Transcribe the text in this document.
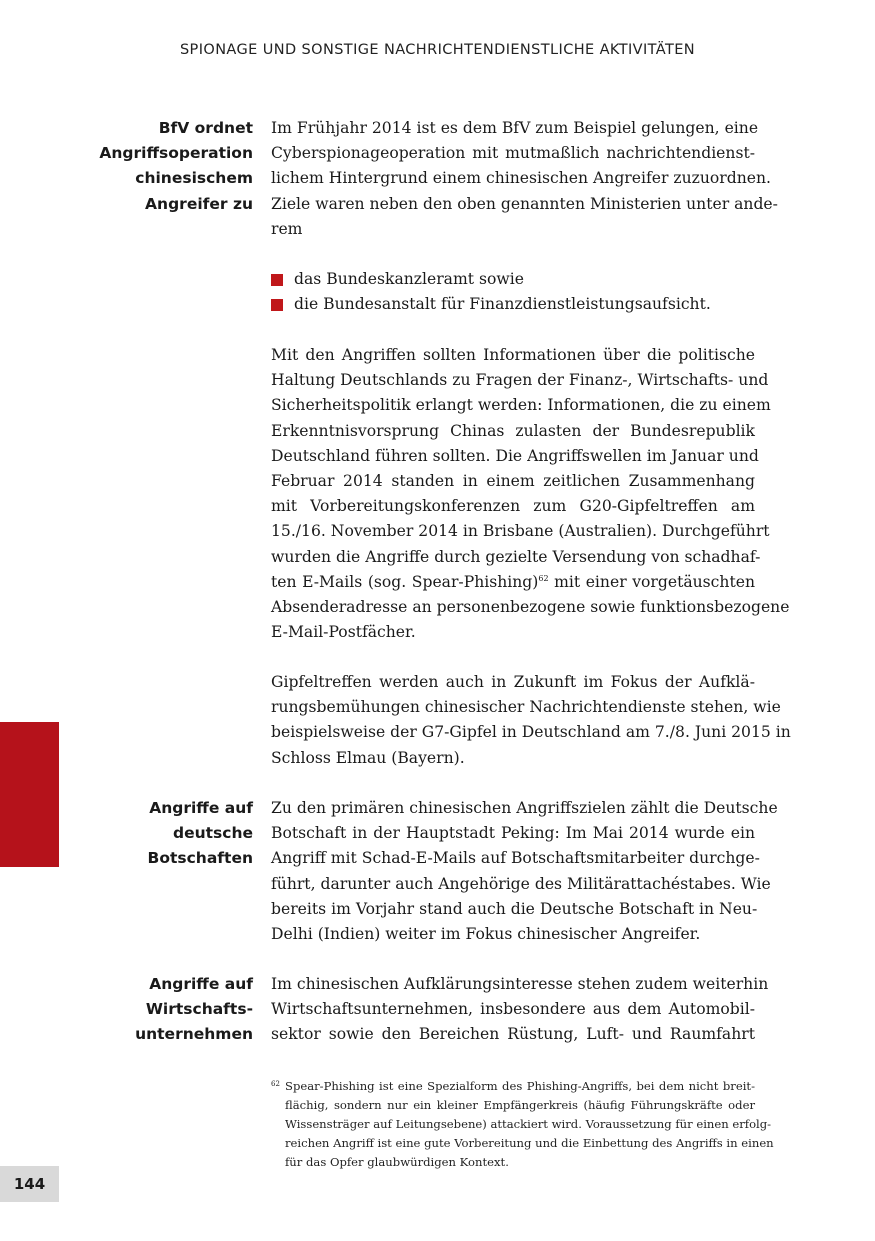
SPIONAGE UND SONSTIGE NACHRICHTENDIENSTLICHE AKTIVITÄTEN
BfV ordnet
Angriffsoperation
chinesischem
Angreifer zu
Angriffe auf
deutsche
Botschaften
Angriffe auf
Wirtschafts-
unternehmen

Im Frühjahr 2014 ist es dem BfV zum Beispiel gelungen, eine
Cyberspionageoperation mit mutmaßlich nachrichtendienst-
lichem Hintergrund einem chinesischen Angreifer zuzuordnen.
Ziele waren neben den oben genannten Ministerien unter ande-
rem

das Bundeskanzleramt sowie
die Bundesanstalt für Finanzdienstleistungsaufsicht.

Mit den Angriffen sollten Informationen über die politische
Haltung Deutschlands zu Fragen der Finanz-, Wirtschafts- und
Sicherheitspolitik erlangt werden: Informationen, die zu einem
Erkenntnisvorsprung Chinas zulasten der Bundesrepublik
Deutschland führen sollten. Die Angriffswellen im Januar und
Februar 2014 standen in einem zeitlichen Zusammenhang
mit Vorbereitungskonferenzen zum G20-Gipfeltreffen am
15./16. November 2014 in Brisbane (Australien). Durchgeführt
wurden die Angriffe durch gezielte Versendung von schadhaf-
ten E-Mails (sog. Spear-Phishing)$^{62}$ mit einer vorgetäuschten
Absenderadresse an personenbezogene sowie funktionsbezogene
E-Mail-Postfächer.

Gipfeltreffen werden auch in Zukunft im Fokus der Aufklä-
rungsbemühungen chinesischer Nachrichtendienste stehen, wie
beispielsweise der G7-Gipfel in Deutschland am 7./8. Juni 2015 in
Schloss Elmau (Bayern).

Zu den primären chinesischen Angriffszielen zählt die Deutsche
Botschaft in der Hauptstadt Peking: Im Mai 2014 wurde ein
Angriff mit Schad-E-Mails auf Botschaftsmitarbeiter durchge-
führt, darunter auch Angehörige des Militärattachéstabes. Wie
bereits im Vorjahr stand auch die Deutsche Botschaft in Neu-
Delhi (Indien) weiter im Fokus chinesischer Angreifer.

Im chinesischen Aufklärungsinteresse stehen zudem weiterhin
Wirtschaftsunternehmen, insbesondere aus dem Automobil-
sektor sowie den Bereichen Rüstung, Luft- und Raumfahrt

62 Spear-Phishing ist eine Spezialform des Phishing-Angriffs, bei dem nicht breit-
flächig, sondern nur ein kleiner Empfängerkreis (häufig Führungskräfte oder
Wissensträger auf Leitungsebene) attackiert wird. Voraussetzung für einen erfolg-
reichen Angriff ist eine gute Vorbereitung und die Einbettung des Angriffs in einen
für das Opfer glaubwürdigen Kontext.
144
